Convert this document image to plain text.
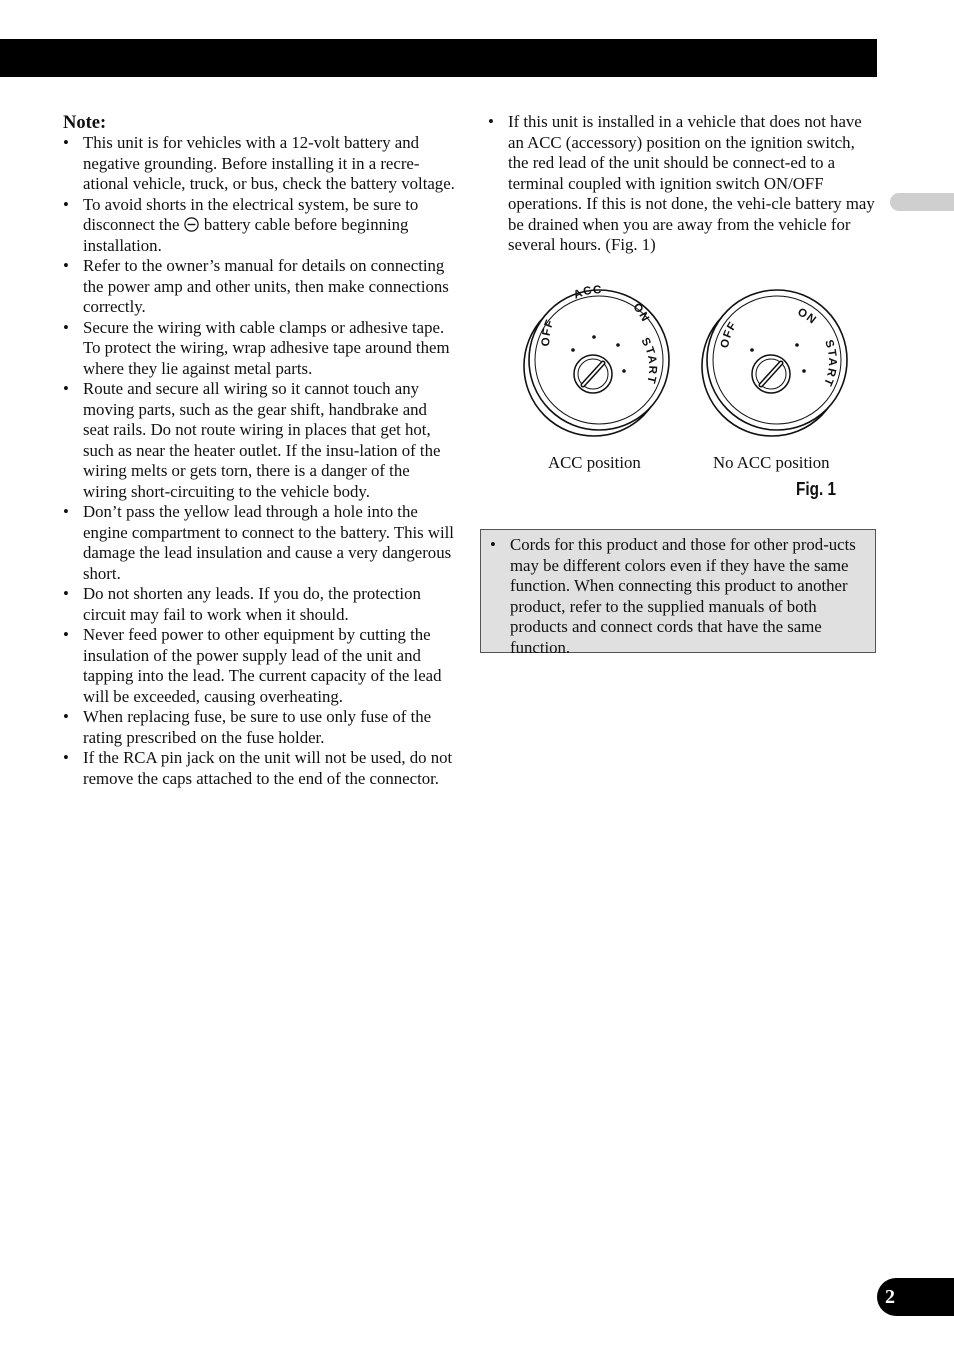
Note:
• This unit is for vehicles with a 12-volt battery and negative grounding. Before installing it in a recre-ational vehicle, truck, or bus, check the battery voltage.
• To avoid shorts in the electrical system, be sure to disconnect the battery cable before beginning installation.
• Refer to the owner’s manual for details on connecting the power amp and other units, then make connections correctly.
• Secure the wiring with cable clamps or adhesive tape. To protect the wiring, wrap adhesive tape around them where they lie against metal parts.
• Route and secure all wiring so it cannot touch any moving parts, such as the gear shift, handbrake and seat rails. Do not route wiring in places that get hot, such as near the heater outlet. If the insu-lation of the wiring melts or gets torn, there is a danger of the wiring short-circuiting to the vehicle body.
• Don’t pass the yellow lead through a hole into the engine compartment to connect to the battery. This will damage the lead insulation and cause a very dangerous short.
• Do not shorten any leads. If you do, the protection circuit may fail to work when it should.
• Never feed power to other equipment by cutting the insulation of the power supply lead of the unit and tapping into the lead. The current capacity of the lead will be exceeded, causing overheating.
• When replacing fuse, be sure to use only fuse of the rating prescribed on the fuse holder.
• If the RCA pin jack on the unit will not be used, do not remove the caps attached to the end of the connector.
• If this unit is installed in a vehicle that does not have an ACC (accessory) position on the ignition switch, the red lead of the unit should be connect-ed to a terminal coupled with ignition switch ON/OFF operations. If this is not done, the vehi-cle battery may be drained when you are away from the vehicle for several hours. (Fig. 1)
OFF
ACC
ON
START
OFF
ON
START
ACC position	No ACC position
Fig. 1
• Cords for this product and those for other prod-ucts may be different colors even if they have the same function. When connecting this product to another product, refer to the supplied manuals of both products and connect cords that have the same function.
2
